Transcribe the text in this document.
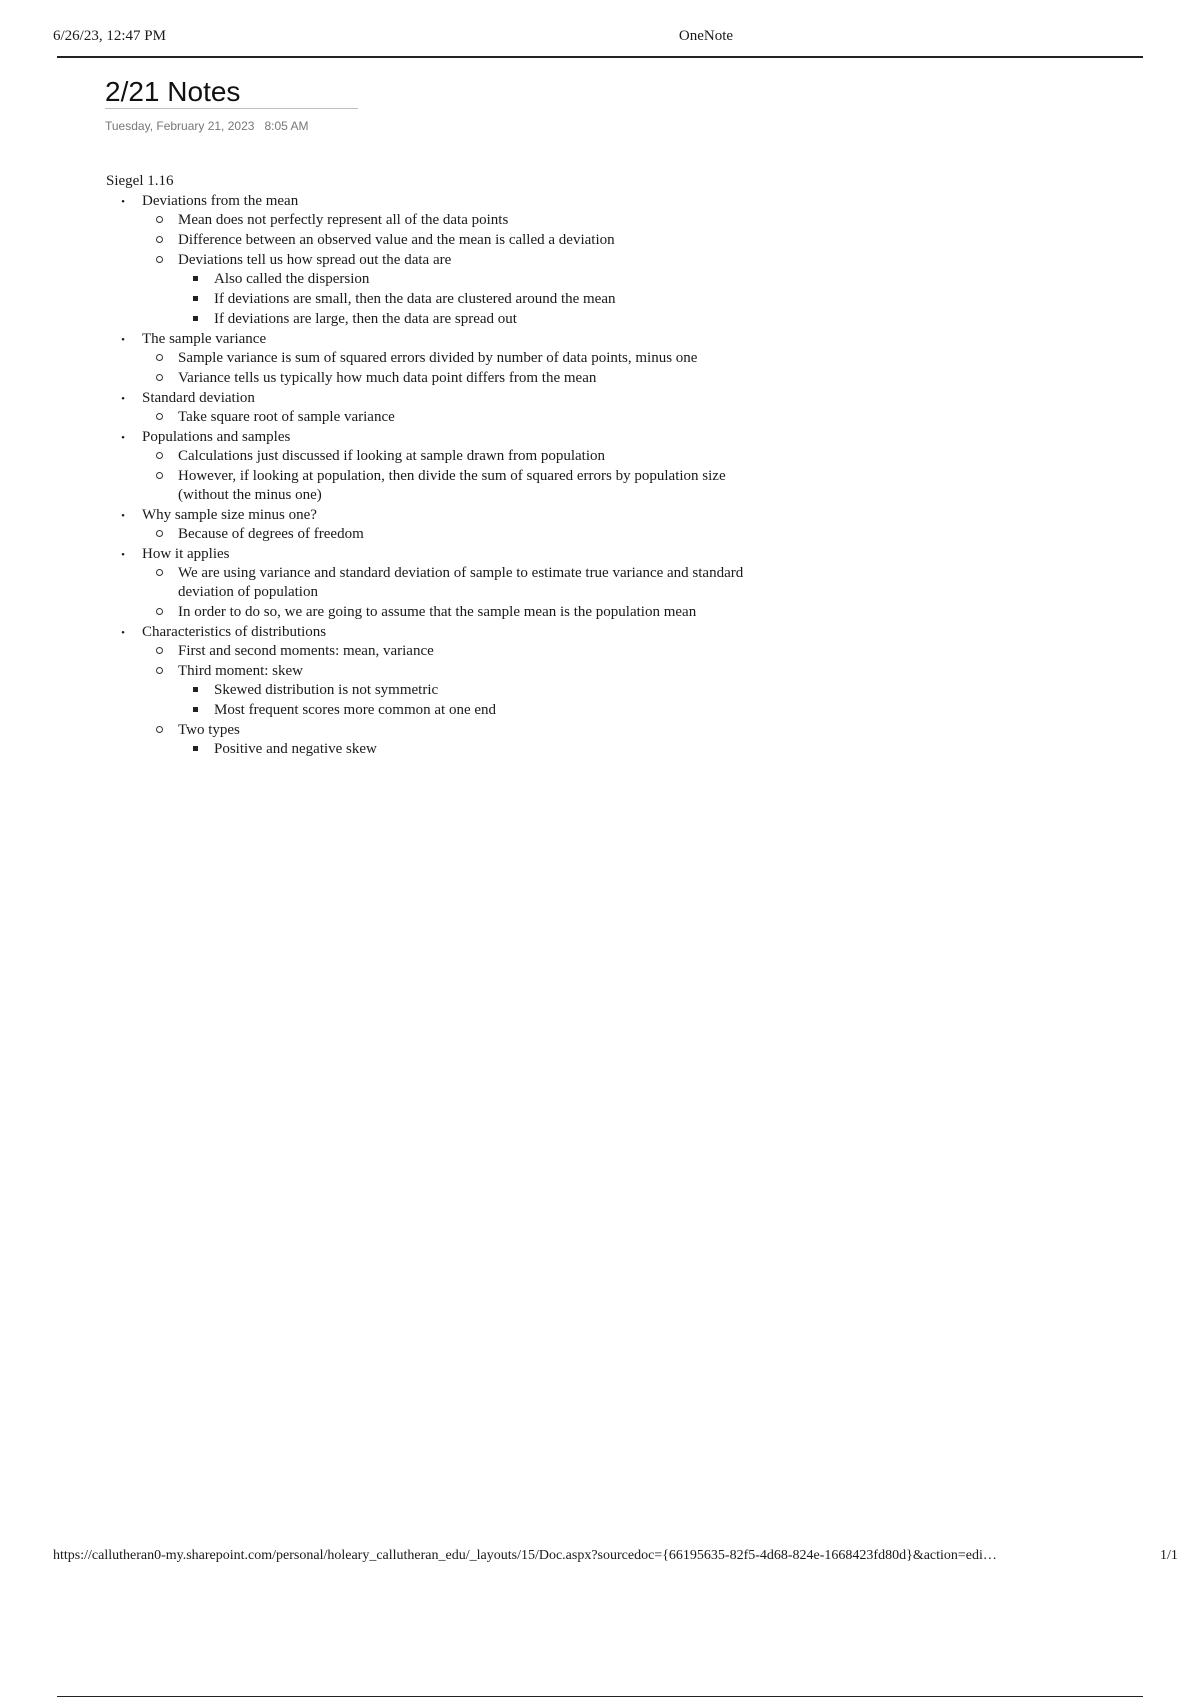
6/26/23, 12:47 PM	OneNote
2/21 Notes
Tuesday, February 21, 2023 8:05 AM
Siegel 1.16
•
Deviations from the mean
Mean does not perfectly represent all of the data points
Difference between an observed value and the mean is called a deviation
Deviations tell us how spread out the data are
Also called the dispersion
If deviations are small, then the data are clustered around the mean
If deviations are large, then the data are spread out
•
The sample variance
Sample variance is sum of squared errors divided by number of data points, minus one
Variance tells us typically how much data point differs from the mean
•
Standard deviation
Take square root of sample variance
•
Populations and samples
Calculations just discussed if looking at sample drawn from population
However, if looking at population, then divide the sum of squared errors by population size (without the minus one)
•
Why sample size minus one?
Because of degrees of freedom
•
How it applies
We are using variance and standard deviation of sample to estimate true variance and standard deviation of population
In order to do so, we are going to assume that the sample mean is the population mean
•
Characteristics of distributions
First and second moments: mean, variance
Third moment: skew
Skewed distribution is not symmetric
Most frequent scores more common at one end
Two types
Positive and negative skew
https://callutheran0-my.sharepoint.com/personal/holeary_callutheran_edu/_layouts/15/Doc.aspx?sourcedoc={66195635-82f5-4d68-824e-1668423fd80d}&action=edi…	1/1
